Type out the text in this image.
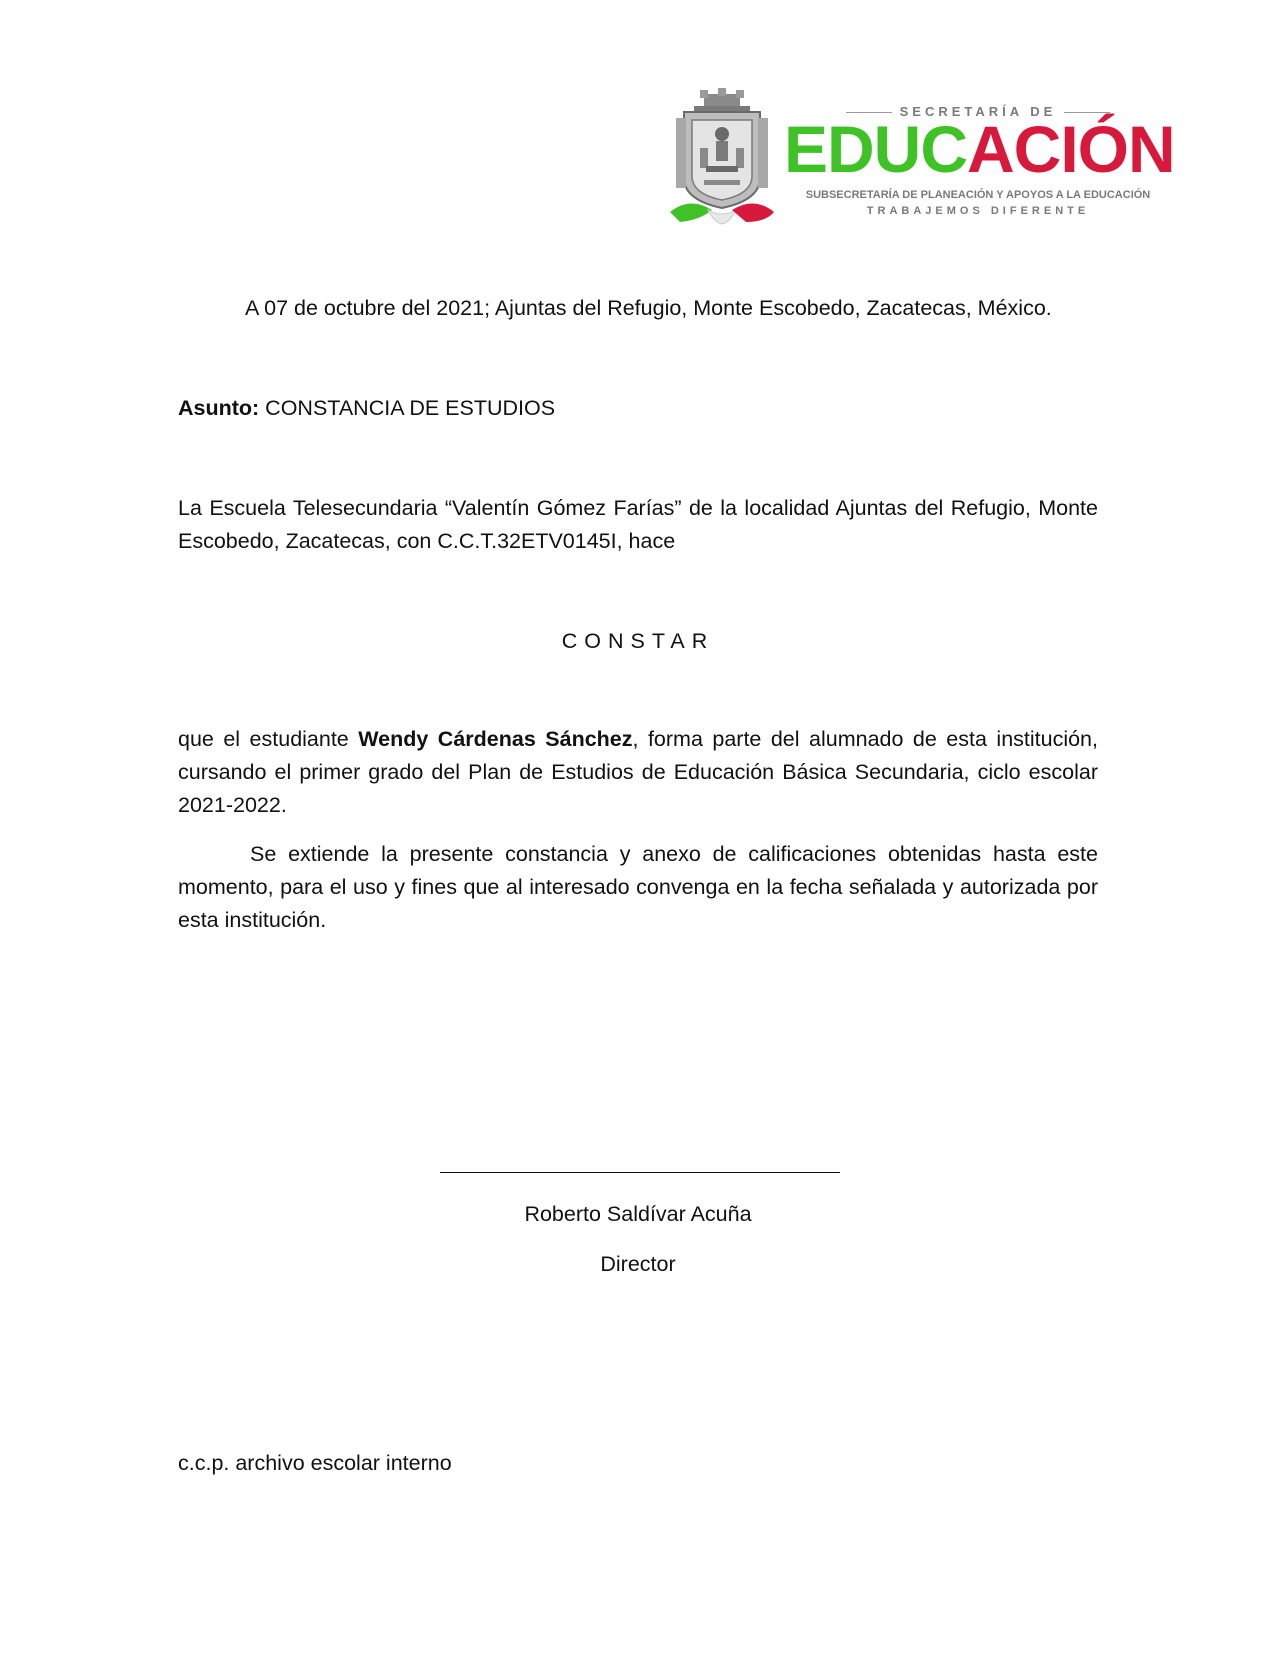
SECRETARÍA DE
EDUCACIÓN
SUBSECRETARÍA DE PLANEACIÓN Y APOYOS A LA EDUCACIÓN
TRABAJEMOS DIFERENTE
A 07 de octubre del 2021; Ajuntas del Refugio, Monte Escobedo, Zacatecas, México.
Asunto: CONSTANCIA DE ESTUDIOS
La Escuela Telesecundaria “Valentín Gómez Farías” de la localidad Ajuntas del Refugio, Monte Escobedo, Zacatecas, con C.C.T.32ETV0145I, hace
CONSTAR
que el estudiante Wendy Cárdenas Sánchez, forma parte del alumnado de esta institución, cursando el primer grado del Plan de Estudios de Educación Básica Secundaria, ciclo escolar 2021-2022.
Se extiende la presente constancia y anexo de calificaciones obtenidas hasta este momento, para el uso y fines que al interesado convenga en la fecha señalada y autorizada por esta institución.
Roberto Saldívar Acuña
Director
c.c.p. archivo escolar interno
